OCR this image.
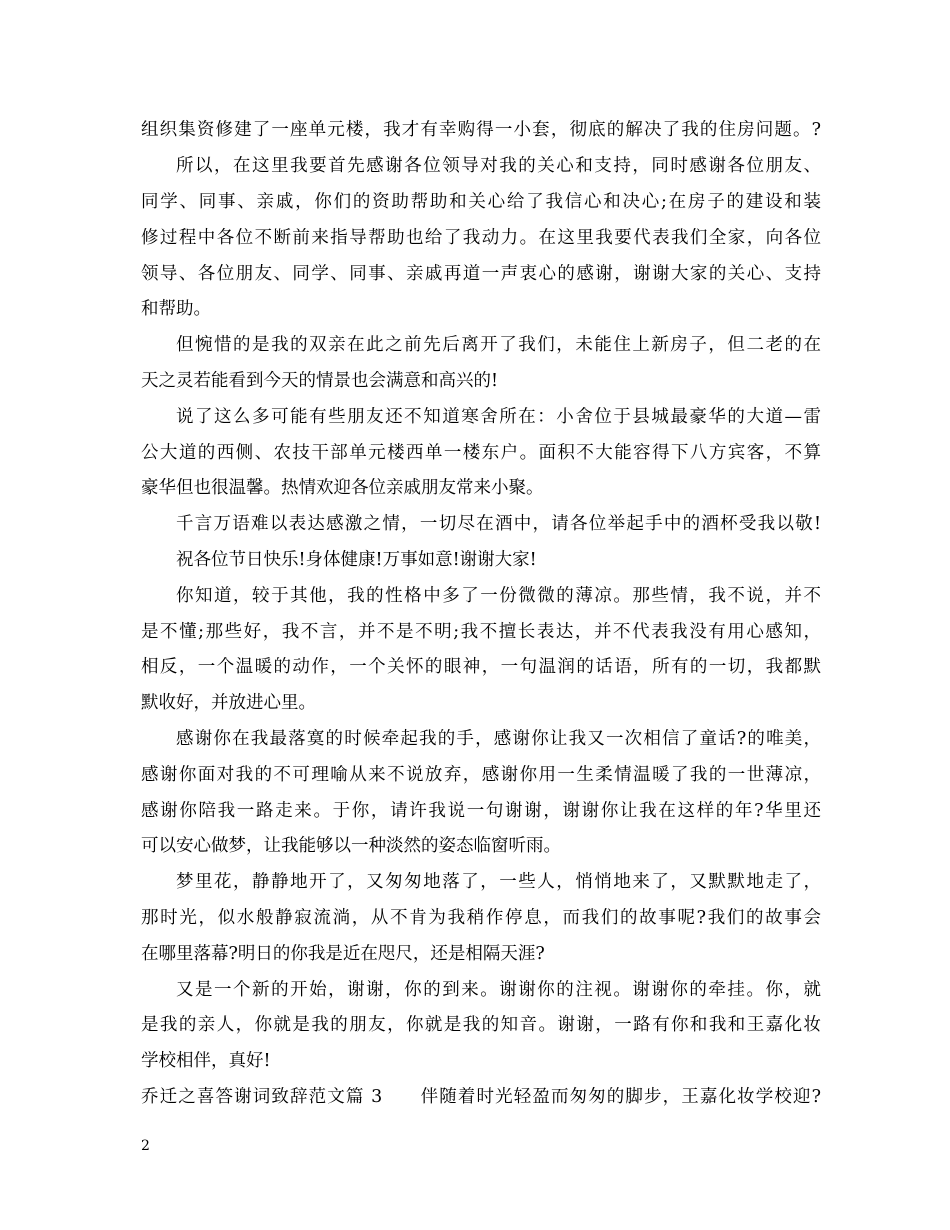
组织集资修建了一座单元楼，我才有幸购得一小套，彻底的解决了我的住房问题。?
所以，在这里我要首先感谢各位领导对我的关心和支持，同时感谢各位朋友、
同学、同事、亲戚，你们的资助帮助和关心给了我信心和决心;在房子的建设和装
修过程中各位不断前来指导帮助也给了我动力。在这里我要代表我们全家，向各位
领导、各位朋友、同学、同事、亲戚再道一声衷心的感谢，谢谢大家的关心、支持
和帮助。
但惋惜的是我的双亲在此之前先后离开了我们，未能住上新房子，但二老的在
天之灵若能看到今天的情景也会满意和高兴的!
说了这么多可能有些朋友还不知道寒舍所在：小舍位于县城最豪华的大道—雷
公大道的西侧、农技干部单元楼西单一楼东户。面积不大能容得下八方宾客，不算
豪华但也很温馨。热情欢迎各位亲戚朋友常来小聚。
千言万语难以表达感激之情，一切尽在酒中，请各位举起手中的酒杯受我以敬!
祝各位节日快乐!身体健康!万事如意!谢谢大家!
你知道，较于其他，我的性格中多了一份微微的薄凉。那些情，我不说，并不
是不懂;那些好，我不言，并不是不明;我不擅长表达，并不代表我没有用心感知，
相反，一个温暖的动作，一个关怀的眼神，一句温润的话语，所有的一切，我都默
默收好，并放进心里。
感谢你在我最落寞的时候牵起我的手，感谢你让我又一次相信了童话?的唯美，
感谢你面对我的不可理喻从来不说放弃，感谢你用一生柔情温暖了我的一世薄凉，
感谢你陪我一路走来。于你，请许我说一句谢谢，谢谢你让我在这样的年?华里还
可以安心做梦，让我能够以一种淡然的姿态临窗听雨。
梦里花，静静地开了，又匆匆地落了，一些人，悄悄地来了，又默默地走了，
那时光，似水般静寂流淌，从不肯为我稍作停息，而我们的故事呢?我们的故事会
在哪里落幕?明日的你我是近在咫尺，还是相隔天涯?
又是一个新的开始，谢谢，你的到来。谢谢你的注视。谢谢你的牵挂。你，就
是我的亲人，你就是我的朋友，你就是我的知音。谢谢，一路有你和我和王嘉化妆
学校相伴，真好!
乔迁之喜答谢词致辞范文篇 3　　伴随着时光轻盈而匆匆的脚步，王嘉化妆学校迎?
2
